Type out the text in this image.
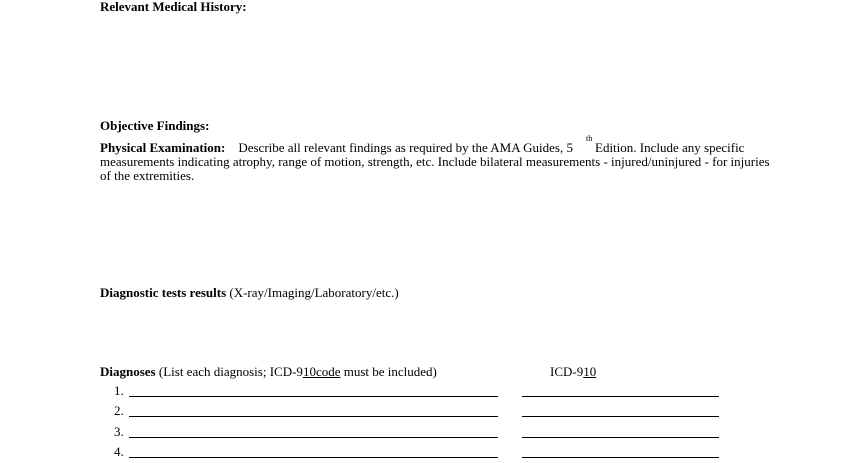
Relevant Medical History:
Objective Findings:
Physical Examination: Describe all relevant findings as required by the AMA Guides, 5
th
Edition. Include any specific
measurements indicating atrophy, range of motion, strength, etc. Include bilateral measurements - injured/uninjured - for injuries
of the extremities.
Diagnostic tests results (X-ray/Imaging/Laboratory/etc.)
Diagnoses (List each diagnosis; ICD-910code must be included)	ICD-910
1.
2.
3.
4.
